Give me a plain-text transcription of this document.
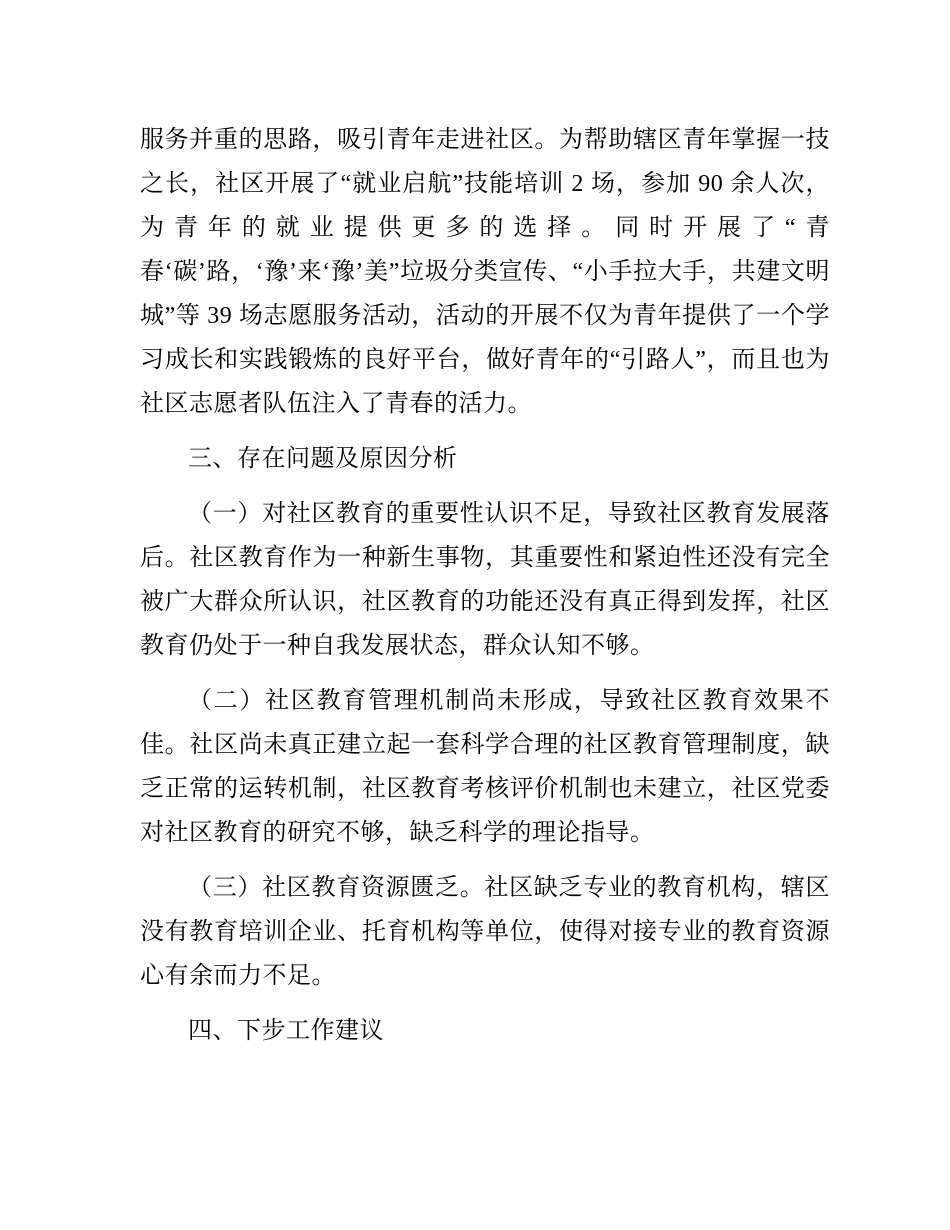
服务并重的思路，吸引青年走进社区。为帮助辖区青年掌握一技之长，社区开展了“就业启航”技能培训 2 场，参加 90 余人次，为青年的就业提供更多的选择。同时开展了“青春‘碳’路，‘豫’来‘豫’美”垃圾分类宣传、“小手拉大手，共建文明城”等 39 场志愿服务活动，活动的开展不仅为青年提供了一个学习成长和实践锻炼的良好平台，做好青年的“引路人”，而且也为社区志愿者队伍注入了青春的活力。

三、存在问题及原因分析

（一）对社区教育的重要性认识不足，导致社区教育发展落后。社区教育作为一种新生事物，其重要性和紧迫性还没有完全被广大群众所认识，社区教育的功能还没有真正得到发挥，社区教育仍处于一种自我发展状态，群众认知不够。

（二）社区教育管理机制尚未形成，导致社区教育效果不佳。社区尚未真正建立起一套科学合理的社区教育管理制度，缺乏正常的运转机制，社区教育考核评价机制也未建立，社区党委对社区教育的研究不够，缺乏科学的理论指导。

（三）社区教育资源匮乏。社区缺乏专业的教育机构，辖区没有教育培训企业、托育机构等单位，使得对接专业的教育资源心有余而力不足。

四、下步工作建议
